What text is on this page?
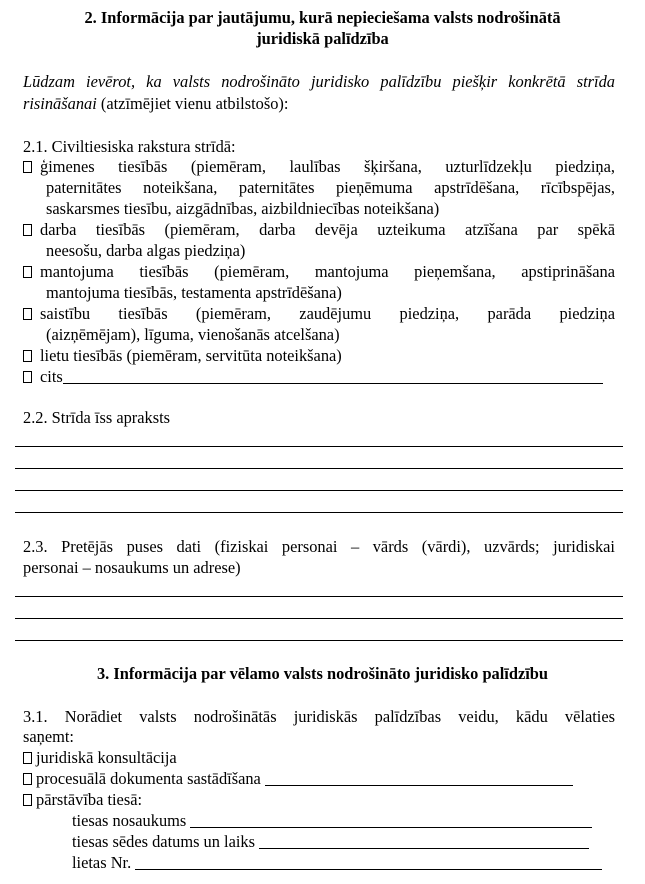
2. Informācija par jautājumu, kurā nepieciešama valsts nodrošinātā
juridiskā palīdzība
Lūdzam ievērot, ka valsts nodrošināto juridisko palīdzību piešķir konkrētā strīda
risināšanai (atzīmējiet vienu atbilstošo):
2.1. Civiltiesiska rakstura strīdā:
ģimenes tiesībās (piemēram, laulības šķiršana, uzturlīdzekļu piedziņa,
paternitātes noteikšana, paternitātes pieņēmuma apstrīdēšana, rīcībspējas,
saskarsmes tiesību, aizgādnības, aizbildniecības noteikšana)
darba tiesībās (piemēram, darba devēja uzteikuma atzīšana par spēkā
neesošu, darba algas piedziņa)
mantojuma tiesībās (piemēram, mantojuma pieņemšana, apstiprināšana
mantojuma tiesībās, testamenta apstrīdēšana)
saistību tiesībās (piemēram, zaudējumu piedziņa, parāda piedziņa
(aizņēmējam), līguma, vienošanās atcelšana)
lietu tiesībās (piemēram, servitūta noteikšana)
cits
2.2. Strīda īss apraksts
2.3. Pretējās puses dati (fiziskai personai – vārds (vārdi), uzvārds; juridiskai
personai – nosaukums un adrese)
3. Informācija par vēlamo valsts nodrošināto juridisko palīdzību
3.1. Norādiet valsts nodrošinātās juridiskās palīdzības veidu, kādu vēlaties
saņemt:
juridiskā konsultācija
procesuālā dokumenta sastādīšana
pārstāvība tiesā:
tiesas nosaukums
tiesas sēdes datums un laiks
lietas Nr.
